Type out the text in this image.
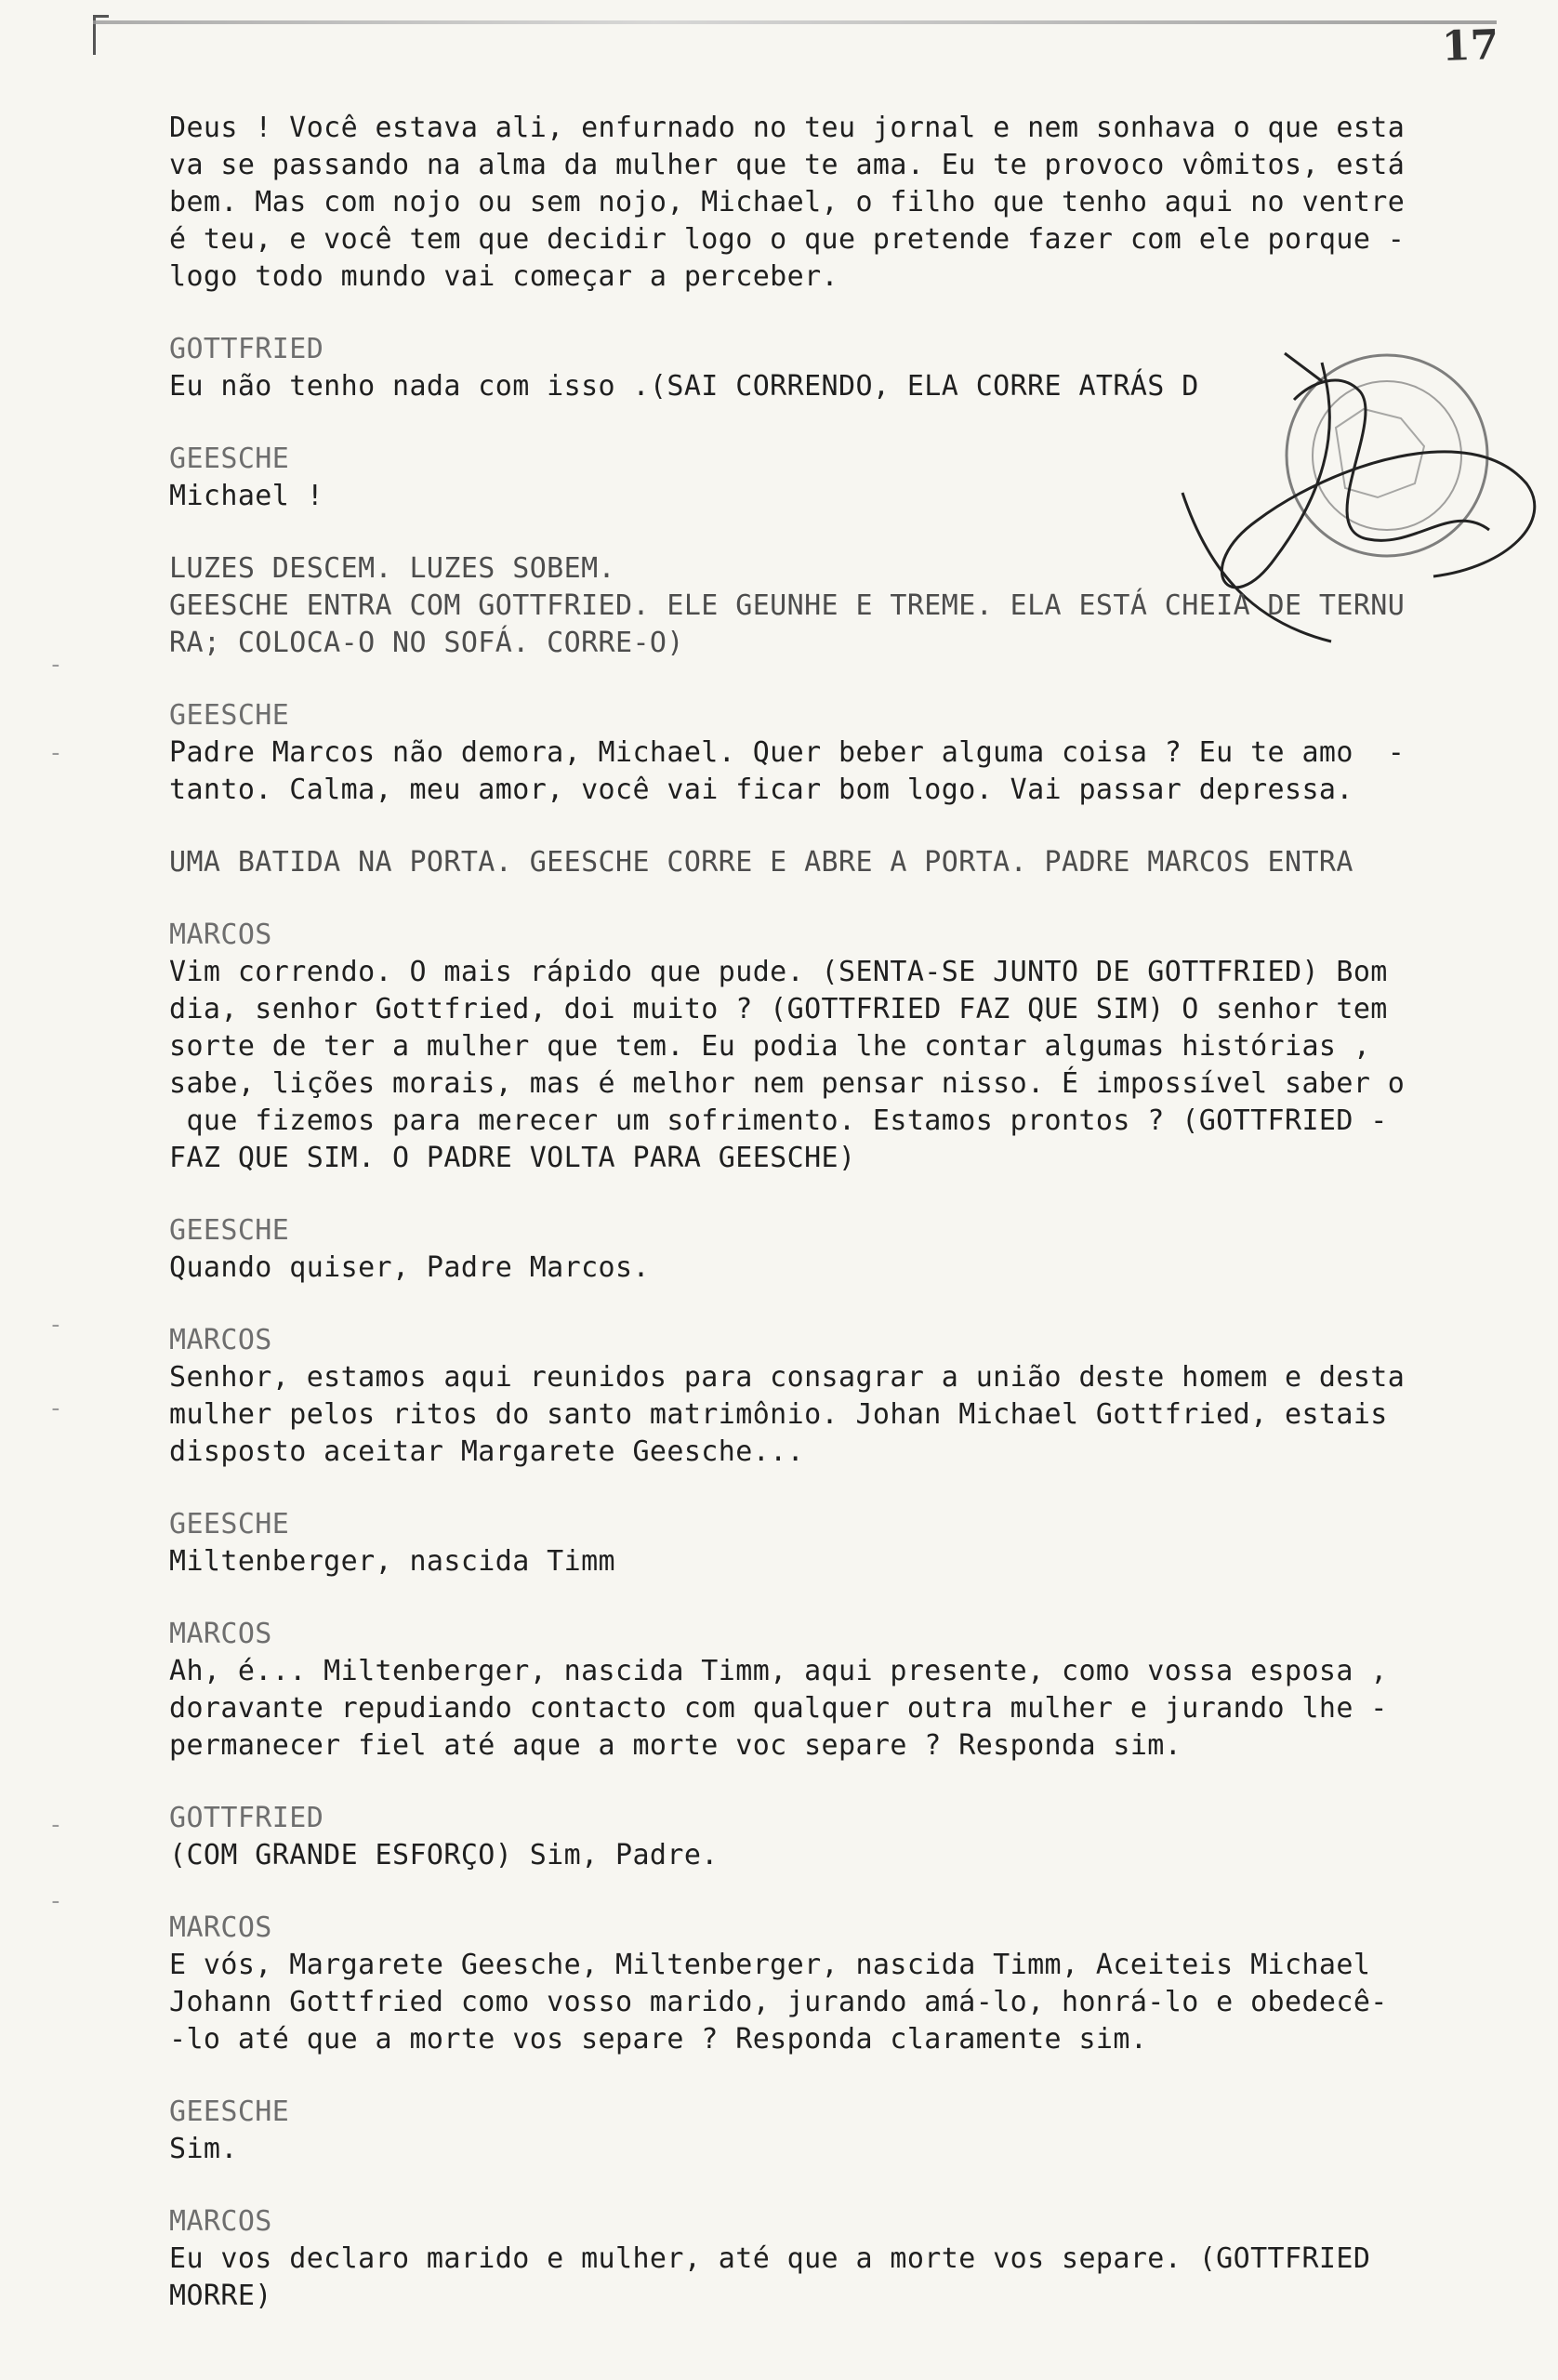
17
-
-
-
-
-
-
Deus ! Você estava ali, enfurnado no teu jornal e nem sonhava o que esta
va se passando na alma da mulher que te ama. Eu te provoco vômitos, está
bem. Mas com nojo ou sem nojo, Michael, o filho que tenho aqui no ventre
é teu, e você tem que decidir logo o que pretende fazer com ele porque -
logo todo mundo vai começar a perceber.
GOTTFRIED
Eu não tenho nada com isso .(SAI CORRENDO, ELA CORRE ATRÁS D
GEESCHE
Michael !
LUZES DESCEM. LUZES SOBEM.
GEESCHE ENTRA COM GOTTFRIED. ELE GEUNHE E TREME. ELA ESTÁ CHEIA DE TERNU
RA; COLOCA-O NO SOFÁ. CORRE-O)
GEESCHE
Padre Marcos não demora, Michael. Quer beber alguma coisa ? Eu te amo  -
tanto. Calma, meu amor, você vai ficar bom logo. Vai passar depressa.
UMA BATIDA NA PORTA. GEESCHE CORRE E ABRE A PORTA. PADRE MARCOS ENTRA
MARCOS
Vim correndo. O mais rápido que pude. (SENTA-SE JUNTO DE GOTTFRIED) Bom
dia, senhor Gottfried, doi muito ? (GOTTFRIED FAZ QUE SIM) O senhor tem
sorte de ter a mulher que tem. Eu podia lhe contar algumas histórias ,
sabe, lições morais, mas é melhor nem pensar nisso. É impossível saber o
que fizemos para merecer um sofrimento. Estamos prontos ? (GOTTFRIED -
FAZ QUE SIM. O PADRE VOLTA PARA GEESCHE)
GEESCHE
Quando quiser, Padre Marcos.
MARCOS
Senhor, estamos aqui reunidos para consagrar a união deste homem e desta
mulher pelos ritos do santo matrimônio. Johan Michael Gottfried, estais
disposto aceitar Margarete Geesche...
GEESCHE
Miltenberger, nascida Timm
MARCOS
Ah, é... Miltenberger, nascida Timm, aqui presente, como vossa esposa ,
doravante repudiando contacto com qualquer outra mulher e jurando lhe -
permanecer fiel até aque a morte voc separe ? Responda sim.
GOTTFRIED
(COM GRANDE ESFORÇO) Sim, Padre.
MARCOS
E vós, Margarete Geesche, Miltenberger, nascida Timm, Aceiteis Michael
Johann Gottfried como vosso marido, jurando amá-lo, honrá-lo e obedecê-
-lo até que a morte vos separe ? Responda claramente sim.
GEESCHE
Sim.
MARCOS
Eu vos declaro marido e mulher, até que a morte vos separe. (GOTTFRIED
MORRE)
